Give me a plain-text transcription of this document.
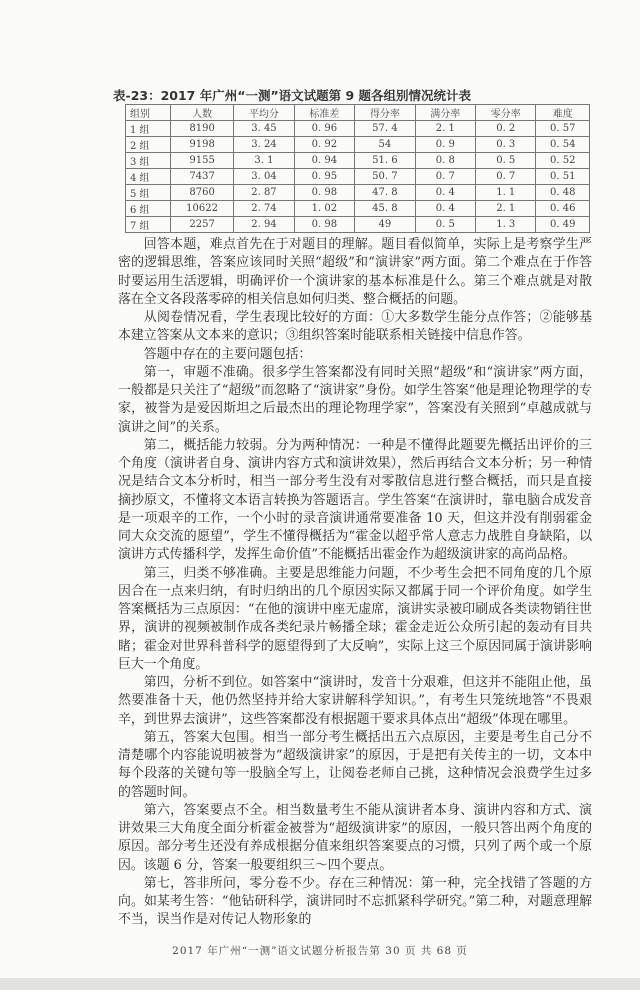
表-23：2017 年广州“一测”语文试题第 9 题各组别情况统计表
组别	人数	平均分	标准差	得分率	满分率	零分率	难度
1 组	8190	3. 45	0. 96	57. 4	2. 1	0. 2	0. 57
2 组	9198	3. 24	0. 92	54	0. 9	0. 3	0. 54
3 组	9155	3. 1	0. 94	51. 6	0. 8	0. 5	0. 52
4 组	7437	3. 04	0. 95	50. 7	0. 7	0. 7	0. 51
5 组	8760	2. 87	0. 98	47. 8	0. 4	1. 1	0. 48
6 组	10622	2. 74	1. 02	45. 8	0. 4	2. 1	0. 46
7 组	2257	2. 94	0. 98	49	0. 5	1. 3	0. 49

回答本题，难点首先在于对题目的理解。题目看似简单，实际上是考察学生严密的逻辑思维，答案应该同时关照“超级”和“演讲家”两方面。第二个难点在于作答时要运用生活逻辑，明确评价一个演讲家的基本标准是什么。第三个难点就是对散落在全文各段落零碎的相关信息如何归类、整合概括的问题。

从阅卷情况看，学生表现比较好的方面：①大多数学生能分点作答；②能够基本建立答案从文本来的意识；③组织答案时能联系相关链接中信息作答。

答题中存在的主要问题包括：

第一，审题不准确。很多学生答案都没有同时关照“超级”和“演讲家”两方面，一般都是只关注了“超级”而忽略了“演讲家”身份。如学生答案“他是理论物理学的专家，被誉为是爱因斯坦之后最杰出的理论物理学家”，答案没有关照到“卓越成就与演讲之间”的关系。

第二，概括能力较弱。分为两种情况：一种是不懂得此题要先概括出评价的三个角度（演讲者自身、演讲内容方式和演讲效果），然后再结合文本分析；另一种情况是结合文本分析时，相当一部分考生没有对零散信息进行整合概括，而只是直接摘抄原文，不懂将文本语言转换为答题语言。学生答案“在演讲时，靠电脑合成发音是一项艰辛的工作，一个小时的录音演讲通常要准备 10 天，但这并没有削弱霍金同大众交流的愿望”，学生不懂得概括为“霍金以超乎常人意志力战胜自身缺陷，以演讲方式传播科学，发挥生命价值”不能概括出霍金作为超级演讲家的高尚品格。

第三，归类不够准确。主要是思维能力问题，不少考生会把不同角度的几个原因合在一点来归纳，有时归纳出的几个原因实际又都属于同一个评价角度。如学生答案概括为三点原因：“在他的演讲中座无虚席，演讲实录被印刷成各类读物销往世界，演讲的视频被制作成各类纪录片畅播全球；霍金走近公众所引起的轰动有目共睹；霍金对世界科普科学的愿望得到了大反响”，实际上这三个原因同属于演讲影响巨大一个角度。

第四，分析不到位。如答案中“演讲时，发音十分艰难，但这并不能阻止他，虽然要准备十天，他仍然坚持并给大家讲解科学知识。”，有考生只笼统地答“不畏艰辛，到世界去演讲”，这些答案都没有根据题干要求具体点出“超级”体现在哪里。

第五，答案大包围。相当一部分考生概括出五六点原因，主要是考生自己分不清楚哪个内容能说明被誉为“超级演讲家”的原因，于是把有关传主的一切，文本中每个段落的关键句等一股脑全写上，让阅卷老师自己挑，这种情况会浪费学生过多的答题时间。

第六，答案要点不全。相当数量考生不能从演讲者本身、演讲内容和方式、演讲效果三大角度全面分析霍金被誉为“超级演讲家”的原因，一般只答出两个角度的原因。部分考生还没有养成根据分值来组织答案要点的习惯，只列了两个或一个原因。该题 6 分，答案一般要组织三～四个要点。

第七，答非所问，零分卷不少。存在三种情况：第一种，完全找错了答题的方向。如某考生答：“他钻研科学，演讲同时不忘抓紧科学研究。”第二种，对题意理解不当，误当作是对传记人物形象的

2017 年广州“一测”语文试题分析报告第 30 页 共 68 页
